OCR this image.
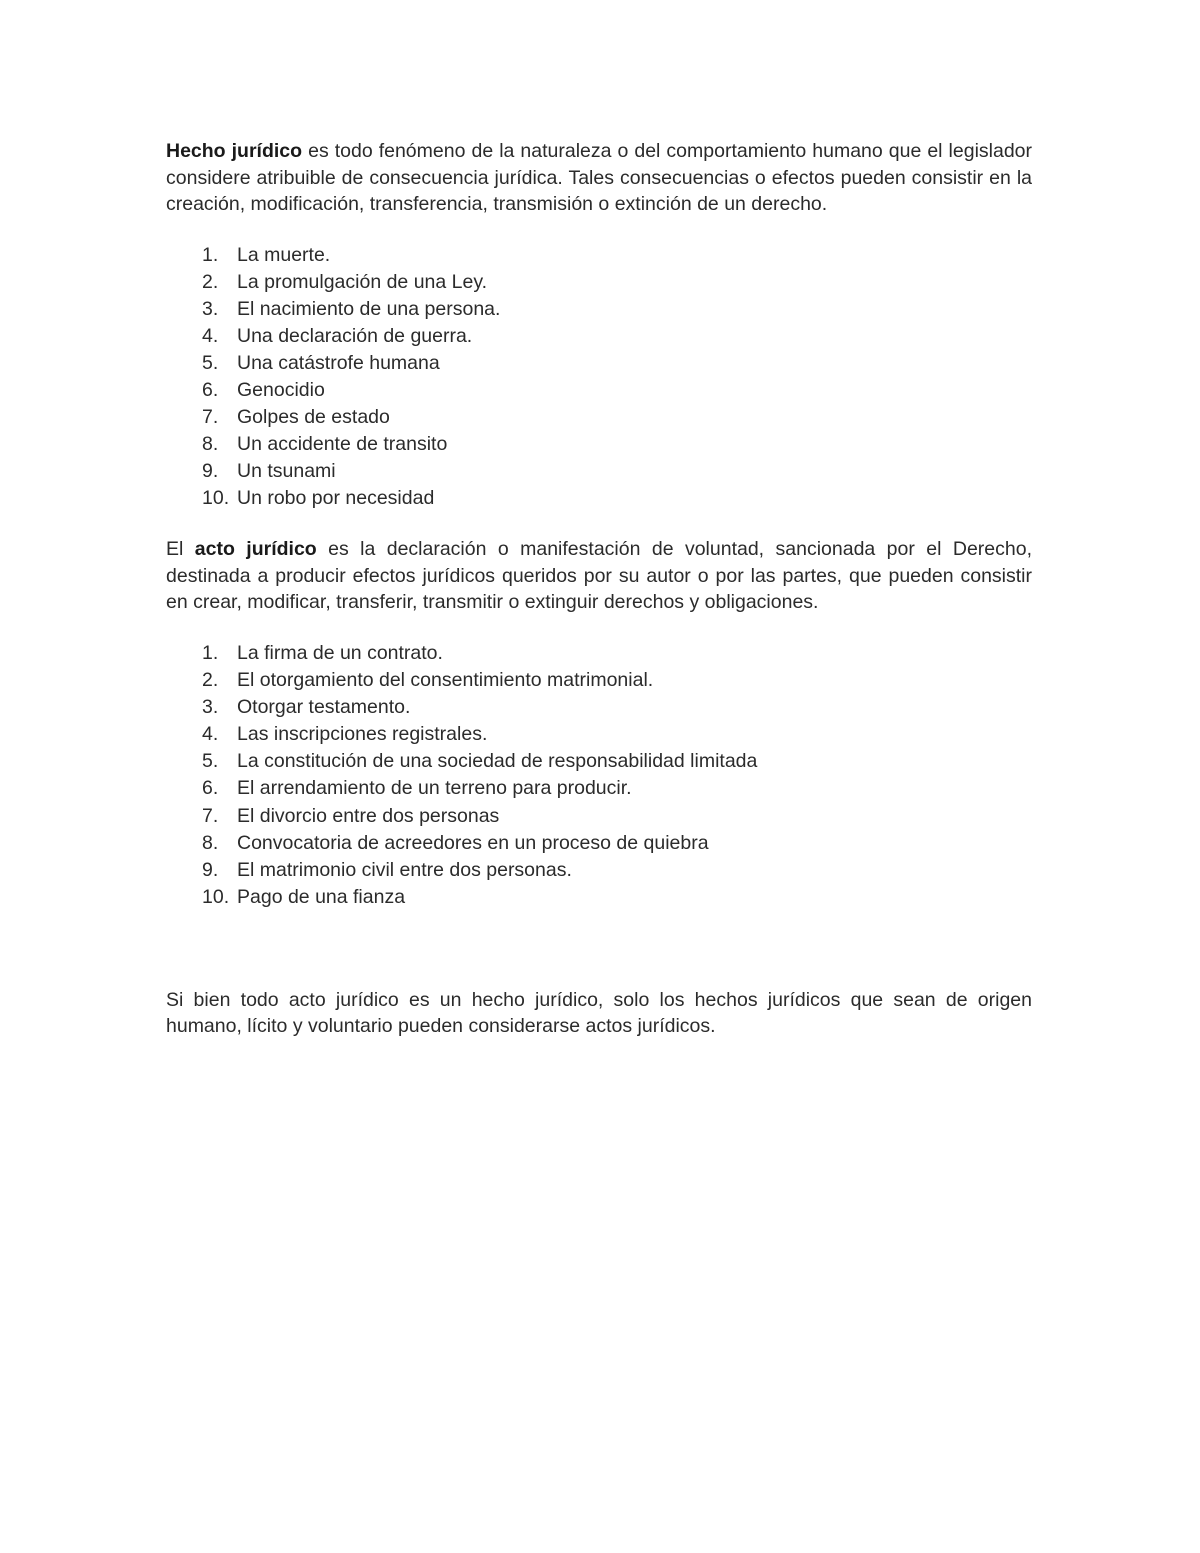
Hecho jurídico es todo fenómeno de la naturaleza o del comportamiento humano que el legislador considere atribuible de consecuencia jurídica. Tales consecuencias o efectos pueden consistir en la creación, modificación, transferencia, transmisión o extinción de un derecho.

1. La muerte.
2. La promulgación de una Ley.
3. El nacimiento de una persona.
4. Una declaración de guerra.
5. Una catástrofe humana
6. Genocidio
7. Golpes de estado
8. Un accidente de transito
9. Un tsunami
10. Un robo por necesidad

El acto jurídico es la declaración o manifestación de voluntad, sancionada por el Derecho, destinada a producir efectos jurídicos queridos por su autor o por las partes, que pueden consistir en crear, modificar, transferir, transmitir o extinguir derechos y obligaciones.

1. La firma de un contrato.
2. El otorgamiento del consentimiento matrimonial.
3. Otorgar testamento.
4. Las inscripciones registrales.
5. La constitución de una sociedad de responsabilidad limitada
6. El arrendamiento de un terreno para producir.
7. El divorcio entre dos personas
8. Convocatoria de acreedores en un proceso de quiebra
9. El matrimonio civil entre dos personas.
10. Pago de una fianza

Si bien todo acto jurídico es un hecho jurídico, solo los hechos jurídicos que sean de origen humano, lícito y voluntario pueden considerarse actos jurídicos.
